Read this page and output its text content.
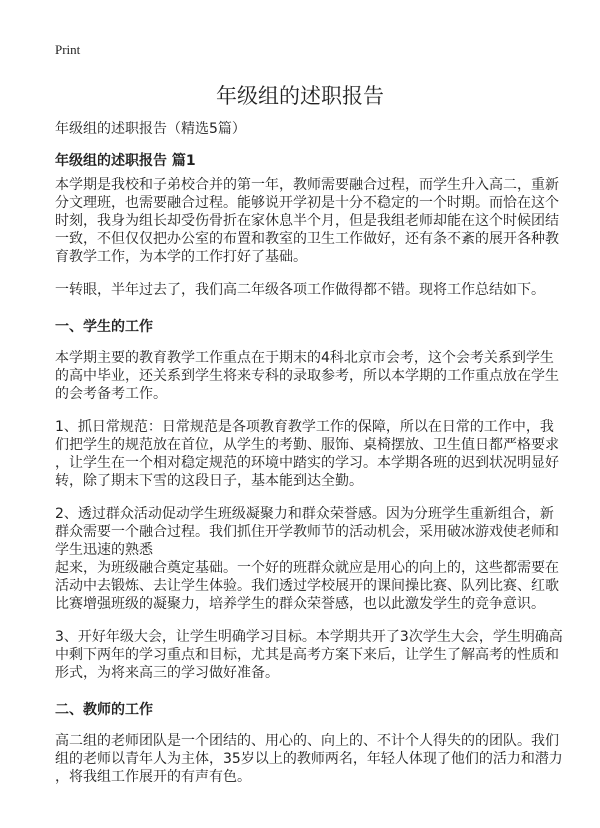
Print
年级组的述职报告
年级组的述职报告（精选5篇）
年级组的述职报告 篇1
本学期是我校和子弟校合并的第一年，教师需要融合过程，而学生升入高二，重新
分文理班，也需要融合过程。能够说开学初是十分不稳定的一个时期。而恰在这个
时刻，我身为组长却受伤骨折在家休息半个月，但是我组老师却能在这个时候团结
一致，不但仅仅把办公室的布置和教室的卫生工作做好，还有条不紊的展开各种教
育教学工作，为本学的工作打好了基础。
一转眼，半年过去了，我们高二年级各项工作做得都不错。现将工作总结如下。
一、学生的工作
本学期主要的教育教学工作重点在于期末的4科北京市会考，这个会考关系到学生
的高中毕业，还关系到学生将来专科的录取参考，所以本学期的工作重点放在学生
的会考备考工作。
1、抓日常规范：日常规范是各项教育教学工作的保障，所以在日常的工作中，我
们把学生的规范放在首位，从学生的考勤、服饰、桌椅摆放、卫生值日都严格要求
，让学生在一个相对稳定规范的环境中踏实的学习。本学期各班的迟到状况明显好
转，除了期末下雪的这段日子，基本能到达全勤。
2、透过群众活动促动学生班级凝聚力和群众荣誉感。因为分班学生重新组合，新
群众需要一个融合过程。我们抓住开学教师节的活动机会，采用破冰游戏使老师和
学生迅速的熟悉
起来，为班级融合奠定基础。一个好的班群众就应是用心的向上的，这些都需要在
活动中去锻炼、去让学生体验。我们透过学校展开的课间操比赛、队列比赛、红歌
比赛增强班级的凝聚力，培养学生的群众荣誉感，也以此激发学生的竞争意识。
3、开好年级大会，让学生明确学习目标。本学期共开了3次学生大会，学生明确高
中剩下两年的学习重点和目标，尤其是高考方案下来后，让学生了解高考的性质和
形式，为将来高三的学习做好准备。
二、教师的工作
高二组的老师团队是一个团结的、用心的、向上的、不计个人得失的的团队。我们
组的老师以青年人为主体，35岁以上的教师两名，年轻人体现了他们的活力和潜力
，将我组工作展开的有声有色。
